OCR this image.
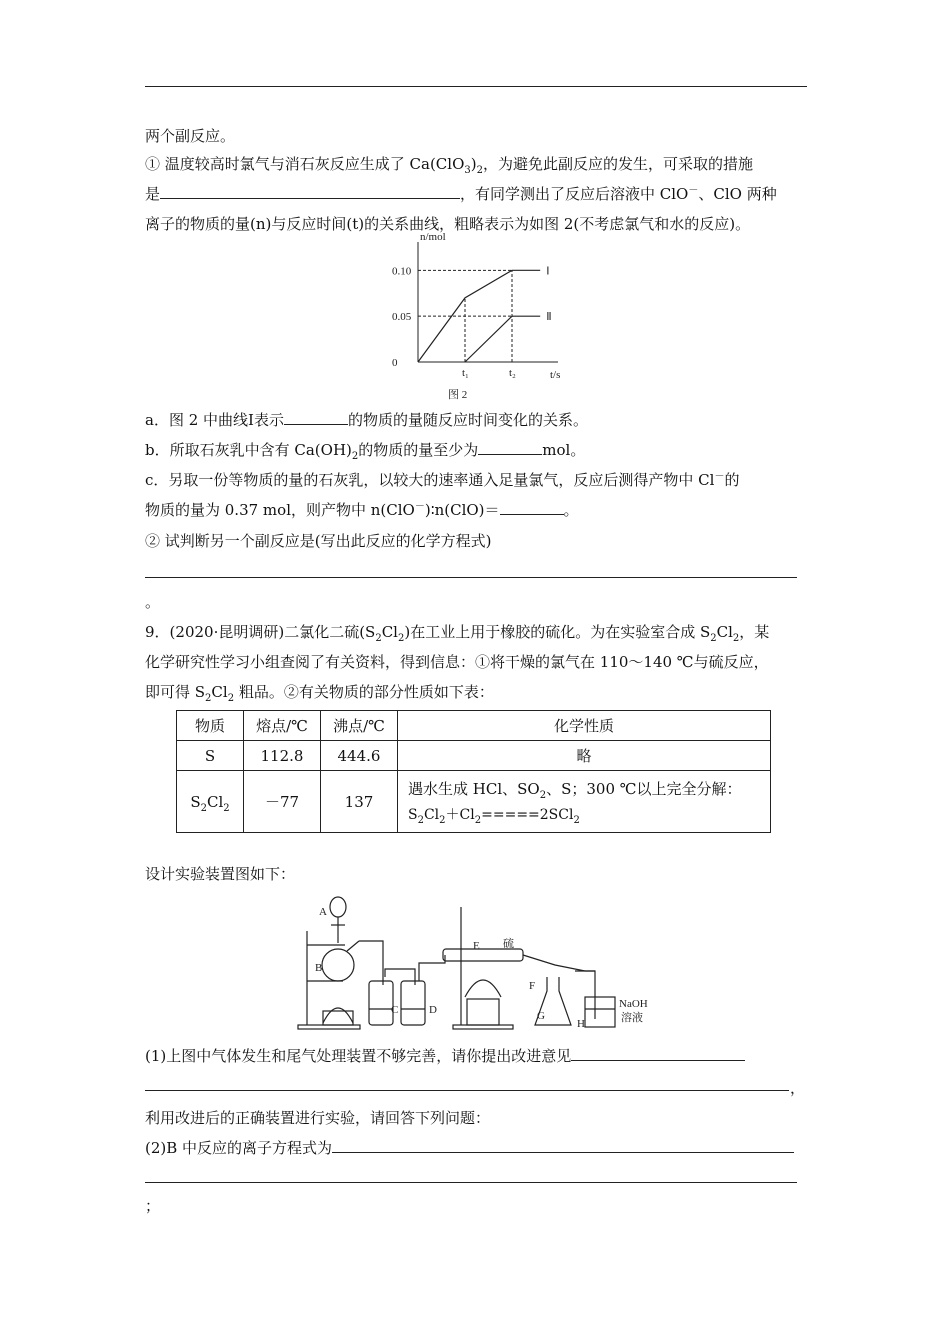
两个副反应。
① 温度较高时氯气与消石灰反应生成了 $Ca(ClO_3)_2$，为避免此副反应的发生，可采取的措施
是	，有同学测出了反应后溶液中 ClO－、ClO 两种
离子的物质的量(n)与反应时间(t)的关系曲线，粗略表示为如图 2(不考虑氯气和水的反应)。
n/mol
t/s
0.10
0.05
0
t₁	t₂
Ⅰ
Ⅱ
图 2
a．图 2 中曲线Ⅰ表示	的物质的量随反应时间变化的关系。
b．所取石灰乳中含有 $Ca(OH)_2$的物质的量至少为	mol。
c．另取一份等物质的量的石灰乳，以较大的速率通入足量氯气，反应后测得产物中 Cl－的
物质的量为 0.37 mol，则产物中 n(ClO－)∶n(ClO)＝	。
② 试判断另一个副反应是(写出此反应的化学方程式)
。
9．(2020·昆明调研)二氯化二硫$(S_2Cl_2)$在工业上用于橡胶的硫化。为在实验室合成 $S_2Cl_2$，某
化学研究性学习小组查阅了有关资料，得到信息：①将干燥的氯气在 110～140 ℃与硫反应，
即可得 $S_2Cl_2$ 粗品。②有关物质的部分性质如下表：
物质	熔点/℃	沸点/℃	化学性质
S	112.8	444.6	略
$S_2Cl_2$	－77	137	遇水生成 HCl、$SO_2$、S；300 ℃以上完全分解：
$S_2Cl_2+Cl_2=====2SCl_2$
设计实验装置图如下：
A
B
C	D
E 硫
F
G
H
NaOH
溶液
(1)上图中气体发生和尾气处理装置不够完善，请你提出改进意见
，
利用改进后的正确装置进行实验，请回答下列问题：
(2)B 中反应的离子方程式为
；
